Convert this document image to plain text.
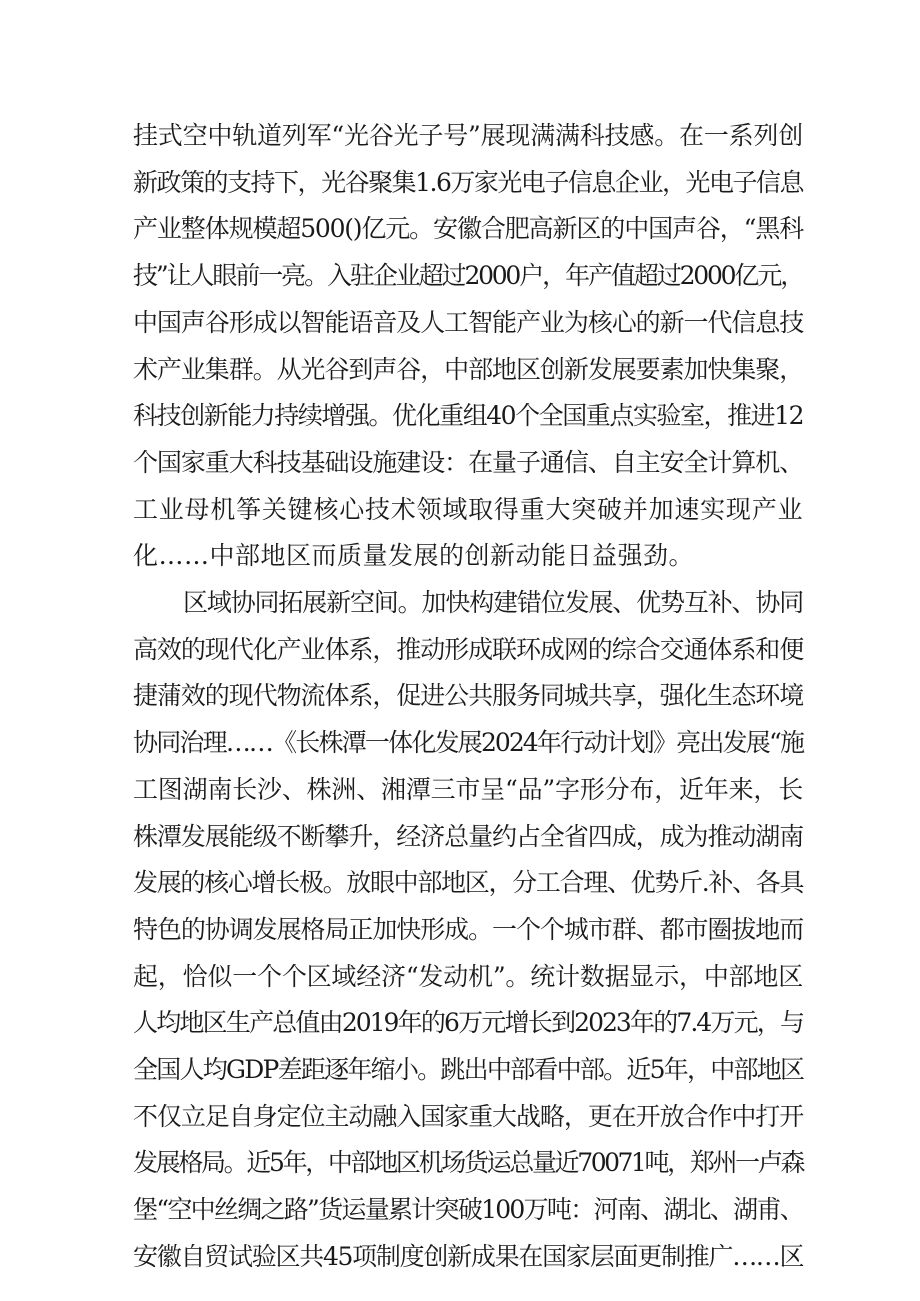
挂式空中轨道列军“光谷光子号”展现满满科技感。在一系列创
新政策的支持下，光谷聚集1.6万家光电子信息企业，光电子信息
产业整体规模超500()亿元。安徽合肥高新区的中国声谷，“黑科
技”让人眼前一亮。入驻企业超过2000户，年产值超过2000亿元，
中国声谷形成以智能语音及人工智能产业为核心的新一代信息技
术产业集群。从光谷到声谷，中部地区创新发展要素加快集聚，
科技创新能力持续增强。优化重组40个全国重点实验室，推进12
个国家重大科技基础设施建设：在量子通信、自主安全计算机、
工业母机筝关键核心技术领域取得重大突破并加速实现产业
化……中部地区而质量发展的创新动能日益强劲。
区域协同拓展新空间。加快构建错位发展、优势互补、协同
高效的现代化产业体系，推动形成联环成网的综合交通体系和便
捷蒲效的现代物流体系，促进公共服务同城共享，强化生态环境
协同治理……《长株潭一体化发展2024年行动计划》亮出发展“施
工图湖南长沙、株洲、湘潭三市呈“品”字形分布，近年来，长
株潭发展能级不断攀升，经济总量约占全省四成，成为推动湖南
发展的核心增长极。放眼中部地区，分工合理、优势斤.补、各具
特色的协调发展格局正加快形成。一个个城市群、都市圈拔地而
起，恰似一个个区域经济“发动机”。统计数据显示，中部地区
人均地区生产总值由2019年的6万元增长到2023年的7.4万元，与
全国人均GDP差距逐年缩小。跳出中部看中部。近5年，中部地区
不仅立足自身定位主动融入国家重大战略，更在开放合作中打开
发展格局。近5年，中部地区机场货运总量近70071吨，郑州一卢森
堡“空中丝绸之路”货运量累计突破100万吨：河南、湖北、湖甫、
安徽自贸试验区共45项制度创新成果在国家层面更制推广……区
